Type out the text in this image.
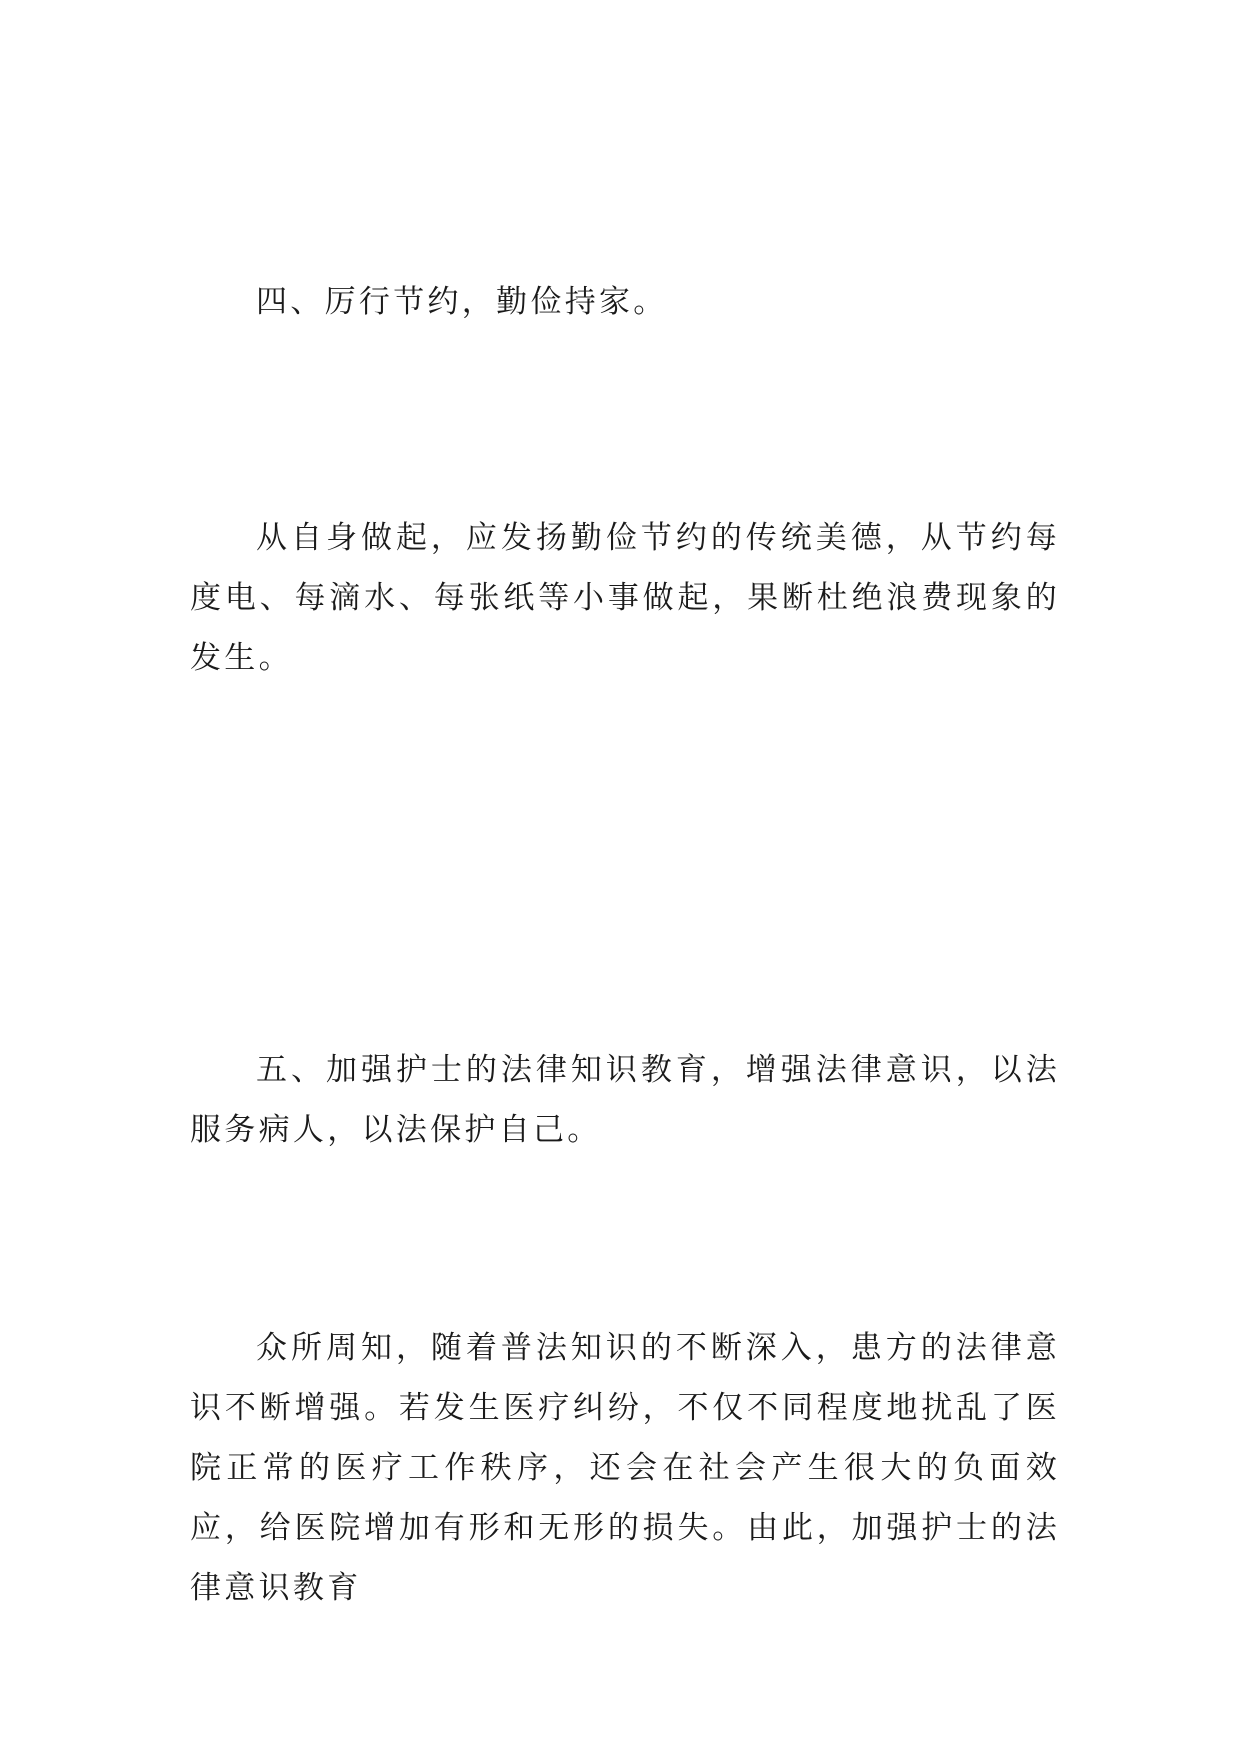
四、厉行节约，勤俭持家。

从自身做起，应发扬勤俭节约的传统美德，从节约每度电、每滴水、每张纸等小事做起，果断杜绝浪费现象的发生。

五、加强护士的法律知识教育，增强法律意识，以法服务病人，以法保护自己。

众所周知，随着普法知识的不断深入，患方的法律意识不断增强。若发生医疗纠纷，不仅不同程度地扰乱了医院正常的医疗工作秩序，还会在社会产生很大的负面效应，给医院增加有形和无形的损失。由此，加强护士的法律意识教育
